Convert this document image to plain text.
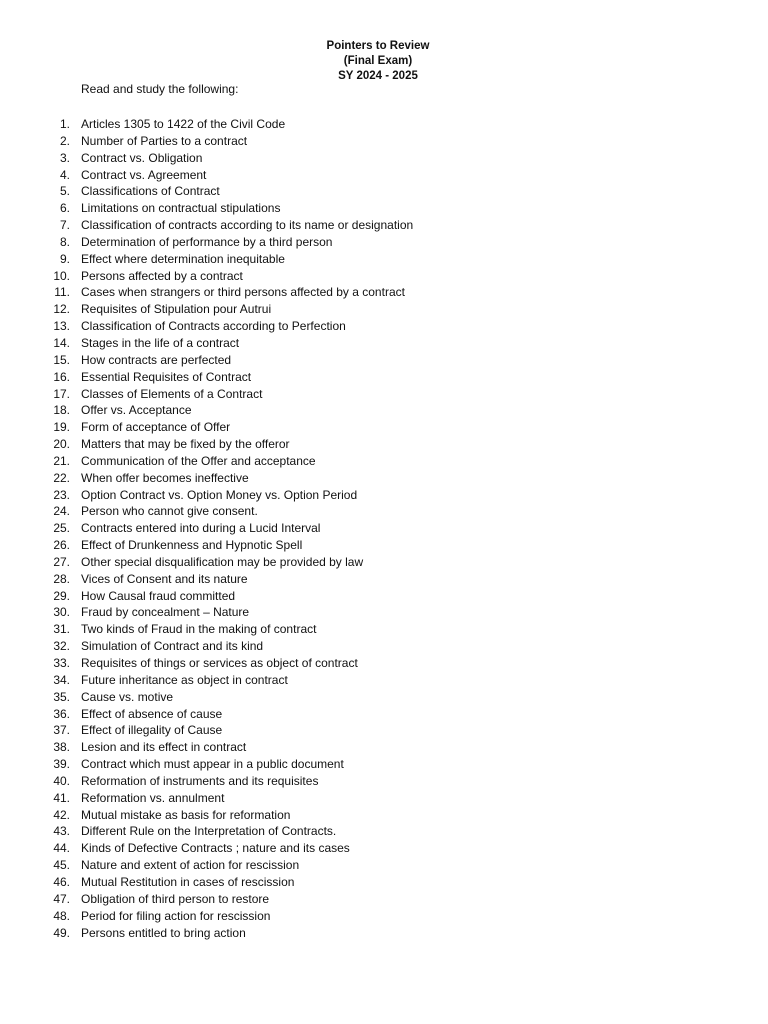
Pointers to Review
(Final Exam)
SY 2024 - 2025
Read and study the following:
1. Articles 1305 to 1422 of the Civil Code
2. Number of Parties to a contract
3. Contract vs. Obligation
4. Contract vs. Agreement
5. Classifications of Contract
6. Limitations on contractual stipulations
7. Classification of contracts according to its name or designation
8. Determination of performance by a third person
9. Effect where determination inequitable
10. Persons affected by a contract
11. Cases when strangers or third persons affected by a contract
12. Requisites of Stipulation pour Autrui
13. Classification of Contracts according to Perfection
14. Stages in the life of a contract
15. How contracts are perfected
16. Essential Requisites of Contract
17. Classes of Elements of a Contract
18. Offer vs. Acceptance
19. Form of acceptance of Offer
20. Matters that may be fixed by the offeror
21. Communication of the Offer and acceptance
22. When offer becomes ineffective
23. Option Contract vs. Option Money vs. Option Period
24. Person who cannot give consent.
25. Contracts entered into during a Lucid Interval
26. Effect of Drunkenness and Hypnotic Spell
27. Other special disqualification may be provided by law
28. Vices of Consent and its nature
29. How Causal fraud committed
30. Fraud by concealment – Nature
31. Two kinds of Fraud in the making of contract
32. Simulation of Contract and its kind
33. Requisites of things or services as object of contract
34. Future inheritance as object in contract
35. Cause vs. motive
36. Effect of absence of cause
37. Effect of illegality of Cause
38. Lesion and its effect in contract
39. Contract which must appear in a public document
40. Reformation of instruments and its requisites
41. Reformation vs. annulment
42. Mutual mistake as basis for reformation
43. Different Rule on the Interpretation of Contracts.
44. Kinds of Defective Contracts ; nature and its cases
45. Nature and extent of action for rescission
46. Mutual Restitution in cases of rescission
47. Obligation of third person to restore
48. Period for filing action for rescission
49. Persons entitled to bring action
